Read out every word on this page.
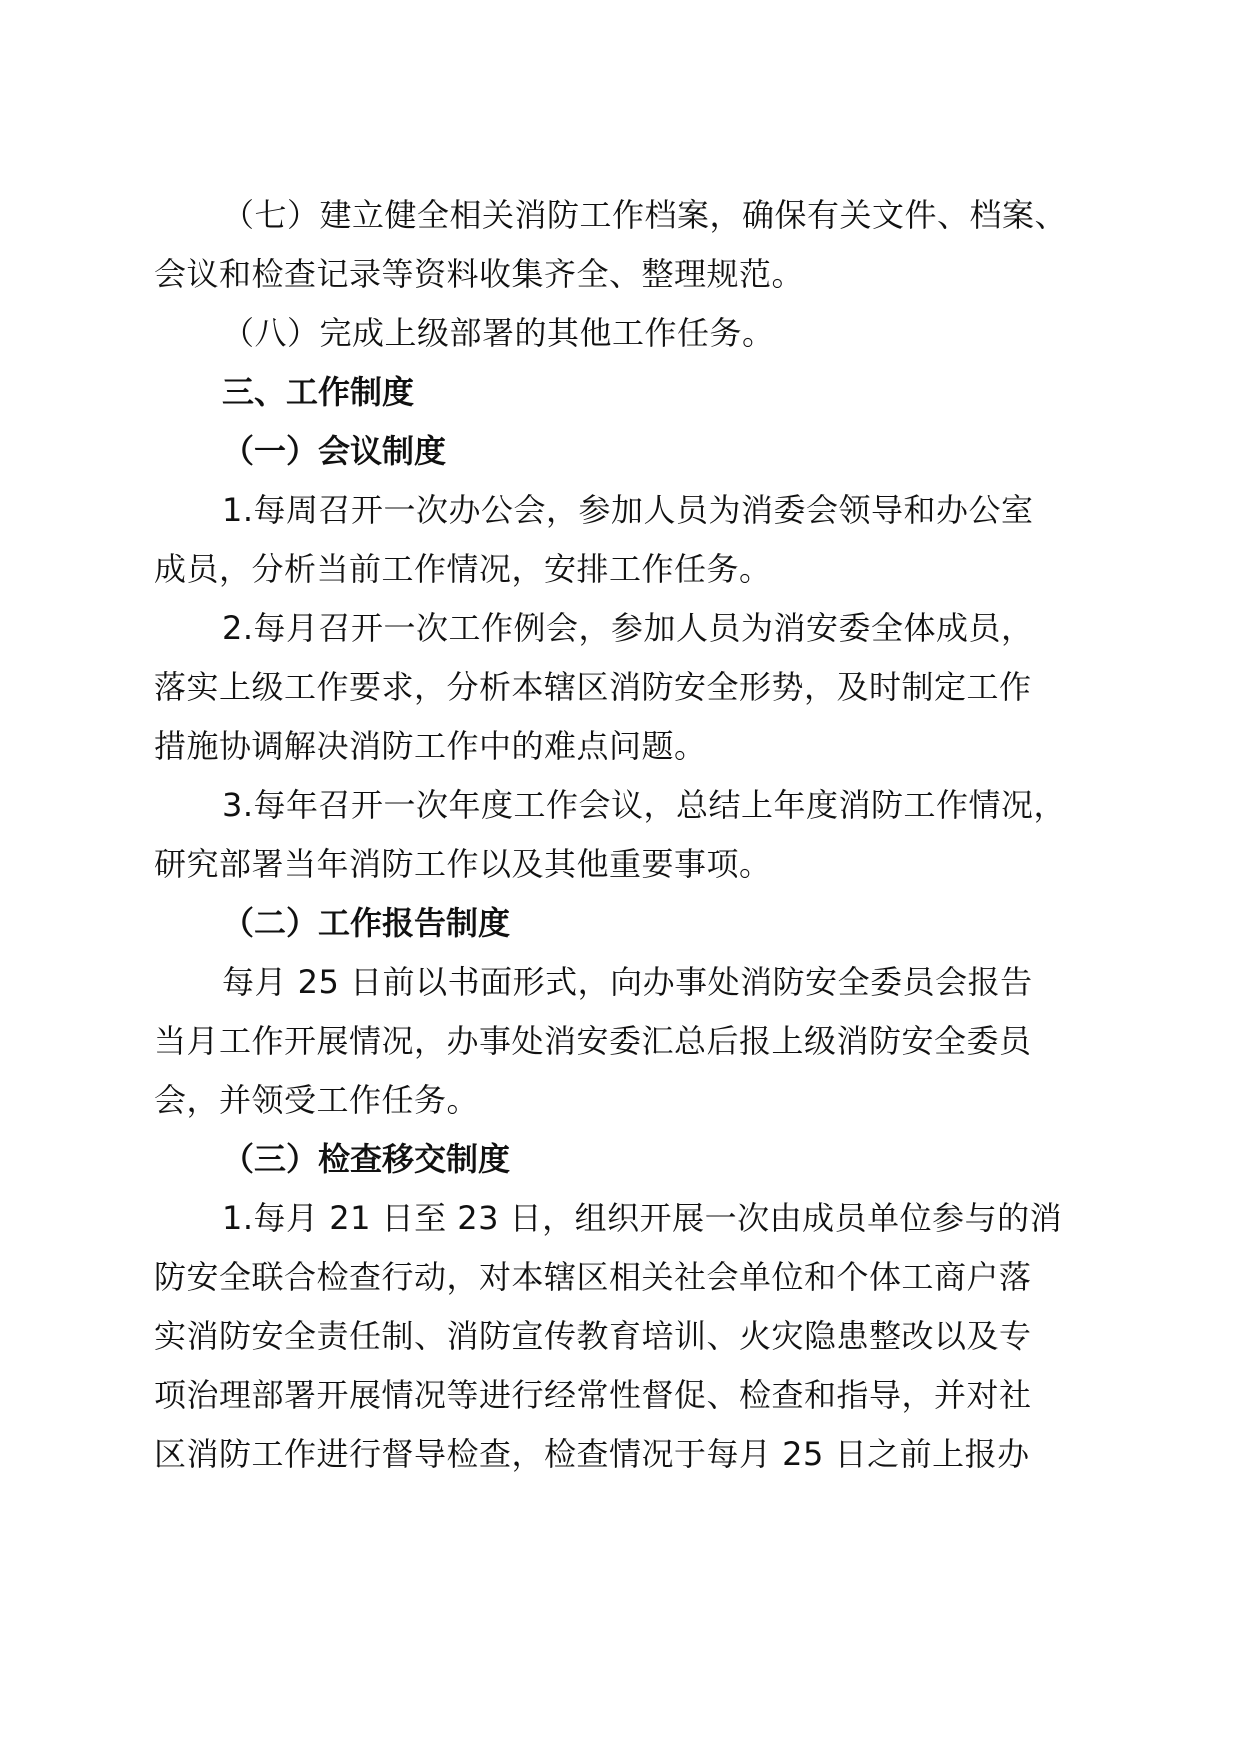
（七）建立健全相关消防工作档案，确保有关文件、档案、

会议和检查记录等资料收集齐全、整理规范。

（八）完成上级部署的其他工作任务。

三、工作制度

（一）会议制度

1.每周召开一次办公会，参加人员为消委会领导和办公室

成员，分析当前工作情况，安排工作任务。

2.每月召开一次工作例会，参加人员为消安委全体成员，

落实上级工作要求，分析本辖区消防安全形势，及时制定工作

措施协调解决消防工作中的难点问题。

3.每年召开一次年度工作会议，总结上年度消防工作情况，

研究部署当年消防工作以及其他重要事项。

（二）工作报告制度

每月 25 日前以书面形式，向办事处消防安全委员会报告

当月工作开展情况，办事处消安委汇总后报上级消防安全委员

会，并领受工作任务。

（三）检查移交制度

1.每月 21 日至 23 日，组织开展一次由成员单位参与的消

防安全联合检查行动，对本辖区相关社会单位和个体工商户落

实消防安全责任制、消防宣传教育培训、火灾隐患整改以及专

项治理部署开展情况等进行经常性督促、检查和指导，并对社

区消防工作进行督导检查，检查情况于每月 25 日之前上报办
